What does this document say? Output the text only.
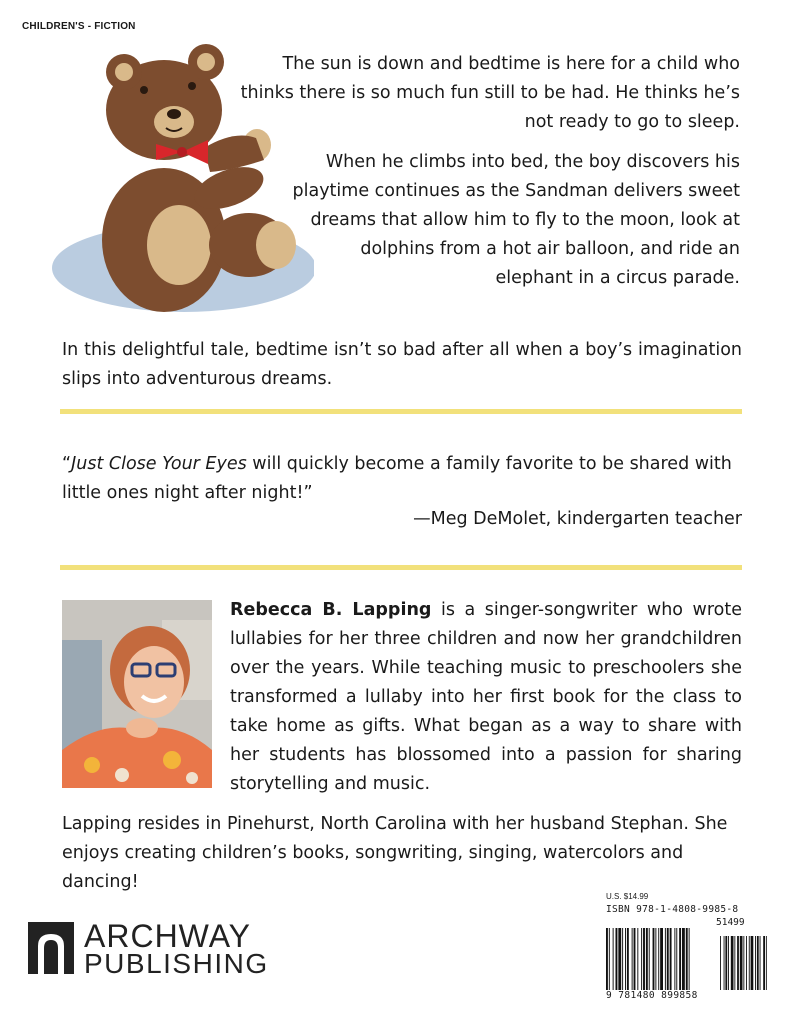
CHILDREN'S - FICTION

The sun is down and bedtime is here for a child who thinks there is so much fun still to be had. He thinks he’s not ready to go to sleep.

When he climbs into bed, the boy discovers his playtime continues as the Sandman delivers sweet dreams that allow him to fly to the moon, look at dolphins from a hot air balloon, and ride an elephant in a circus parade.

In this delightful tale, bedtime isn’t so bad after all when a boy’s imagination slips into adventurous dreams.

“Just Close Your Eyes will quickly become a family favorite to be shared with little ones night after night!”

—Meg DeMolet, kindergarten teacher

Rebecca B. Lapping is a singer-songwriter who wrote lullabies for her three children and now her grandchildren over the years. While teaching music to preschoolers she transformed a lullaby into her first book for the class to take home as gifts. What began as a way to share with her students has blossomed into a passion for sharing storytelling and music.

Lapping resides in Pinehurst, North Carolina with her husband Stephan. She enjoys creating children’s books, songwriting, singing, watercolors and dancing!

ARCHWAY
PUBLISHING
U.S. $14.99
ISBN 978-1-4808-9985-8
51499
9 781480 899858
